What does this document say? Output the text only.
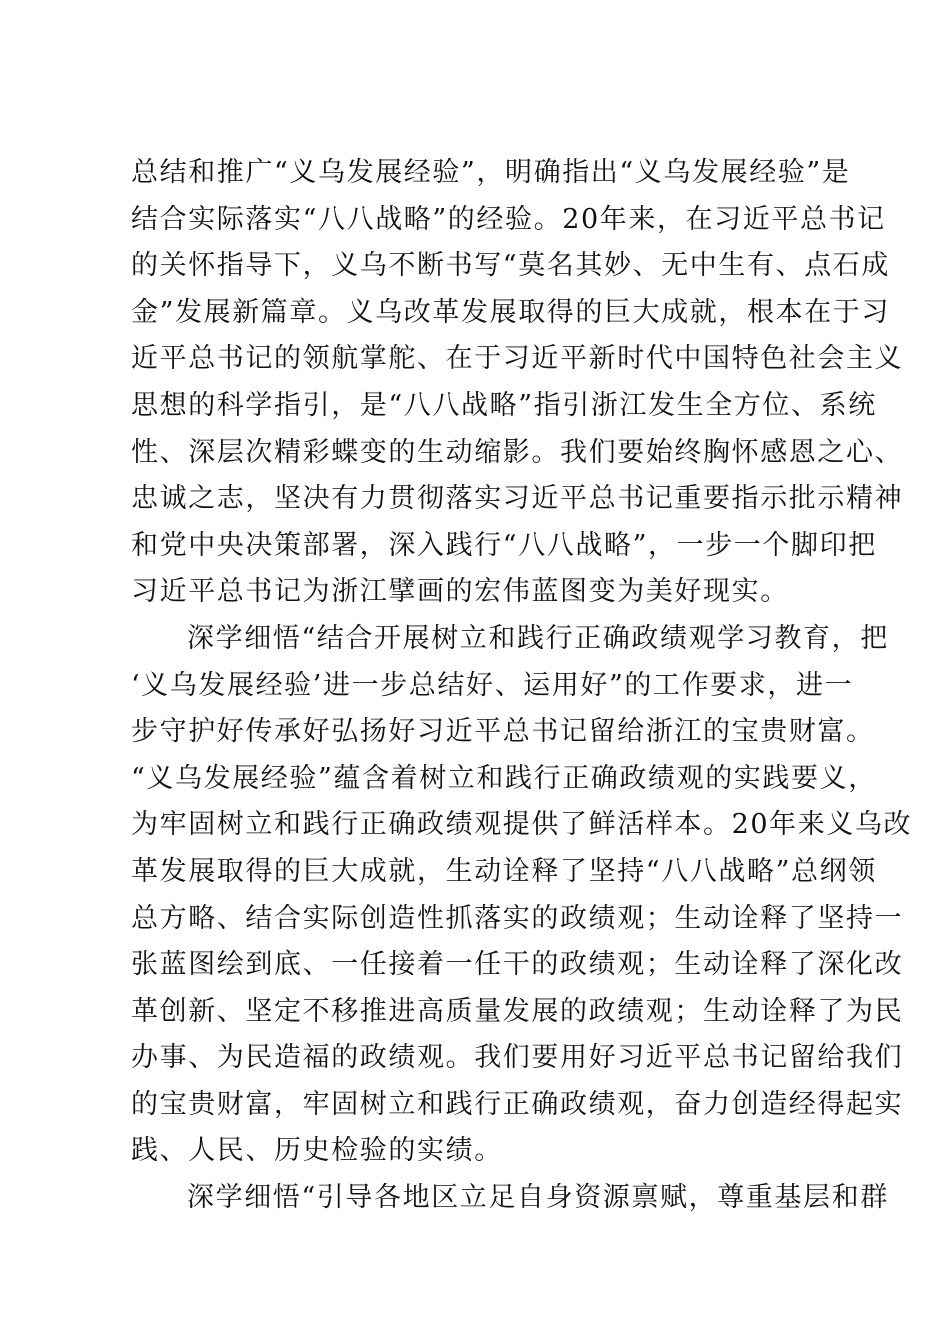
总结和推广“义乌发展经验”，明确指出“义乌发展经验”是
结合实际落实“八八战略”的经验。20年来，在习近平总书记
的关怀指导下，义乌不断书写“莫名其妙、无中生有、点石成
金”发展新篇章。义乌改革发展取得的巨大成就，根本在于习
近平总书记的领航掌舵、在于习近平新时代中国特色社会主义
思想的科学指引，是“八八战略”指引浙江发生全方位、系统
性、深层次精彩蝶变的生动缩影。我们要始终胸怀感恩之心、
忠诚之志，坚决有力贯彻落实习近平总书记重要指示批示精神
和党中央决策部署，深入践行“八八战略”，一步一个脚印把
习近平总书记为浙江擘画的宏伟蓝图变为美好现实。
深学细悟“结合开展树立和践行正确政绩观学习教育，把
‘义乌发展经验’进一步总结好、运用好”的工作要求，进一
步守护好传承好弘扬好习近平总书记留给浙江的宝贵财富。
“义乌发展经验”蕴含着树立和践行正确政绩观的实践要义，
为牢固树立和践行正确政绩观提供了鲜活样本。20年来义乌改
革发展取得的巨大成就，生动诠释了坚持“八八战略”总纲领
总方略、结合实际创造性抓落实的政绩观；生动诠释了坚持一
张蓝图绘到底、一任接着一任干的政绩观；生动诠释了深化改
革创新、坚定不移推进高质量发展的政绩观；生动诠释了为民
办事、为民造福的政绩观。我们要用好习近平总书记留给我们
的宝贵财富，牢固树立和践行正确政绩观，奋力创造经得起实
践、人民、历史检验的实绩。
深学细悟“引导各地区立足自身资源禀赋，尊重基层和群
